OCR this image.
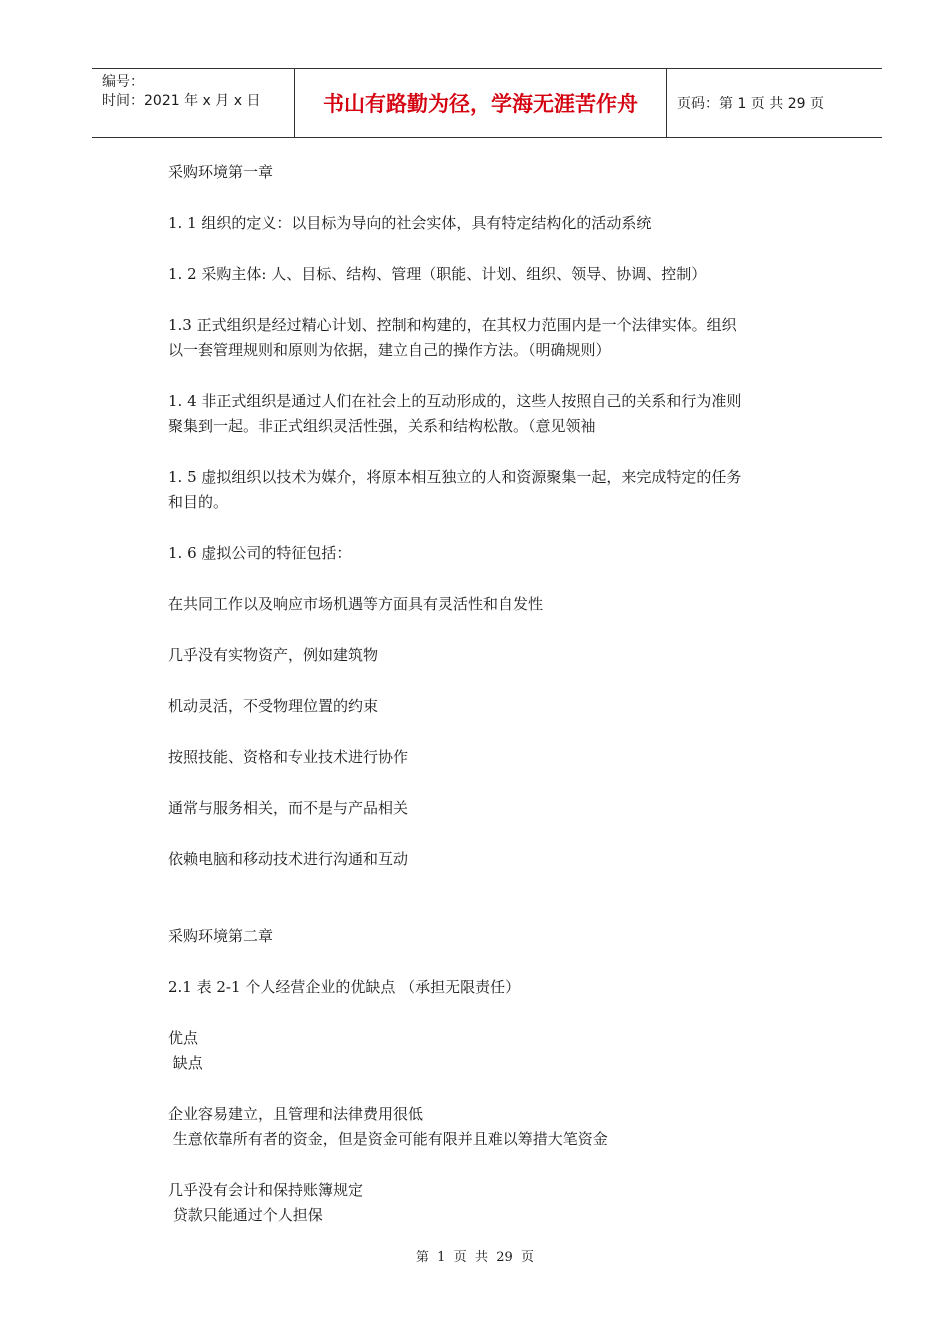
编号：
时间：2021 年 x 月 x 日	书山有路勤为径，学海无涯苦作舟	页码：第 1 页 共 29 页

采购环境第一章

1. 1 组织的定义：以目标为导向的社会实体，具有特定结构化的活动系统

1. 2 采购主体: 人、目标、结构、管理（职能、计划、组织、领导、协调、控制）

1.3 正式组织是经过精心计划、控制和构建的，在其权力范围内是一个法律实体。组织

以一套管理规则和原则为依据，建立自己的操作方法。（明确规则）

1. 4 非正式组织是通过人们在社会上的互动形成的，这些人按照自己的关系和行为准则

聚集到一起。非正式组织灵活性强，关系和结构松散。（意见领袖

1. 5 虚拟组织以技术为媒介，将原本相互独立的人和资源聚集一起，来完成特定的任务

和目的。

1. 6 虚拟公司的特征包括：

在共同工作以及响应市场机遇等方面具有灵活性和自发性

几乎没有实物资产，例如建筑物

机动灵活，不受物理位置的约束

按照技能、资格和专业技术进行协作

通常与服务相关，而不是与产品相关

依赖电脑和移动技术进行沟通和互动

采购环境第二章

2.1 表 2-1 个人经营企业的优缺点 （承担无限责任）

优点

缺点

企业容易建立，且管理和法律费用很低

生意依靠所有者的资金，但是资金可能有限并且难以筹措大笔资金

几乎没有会计和保持账簿规定

贷款只能通过个人担保

第  1  页  共  29  页
